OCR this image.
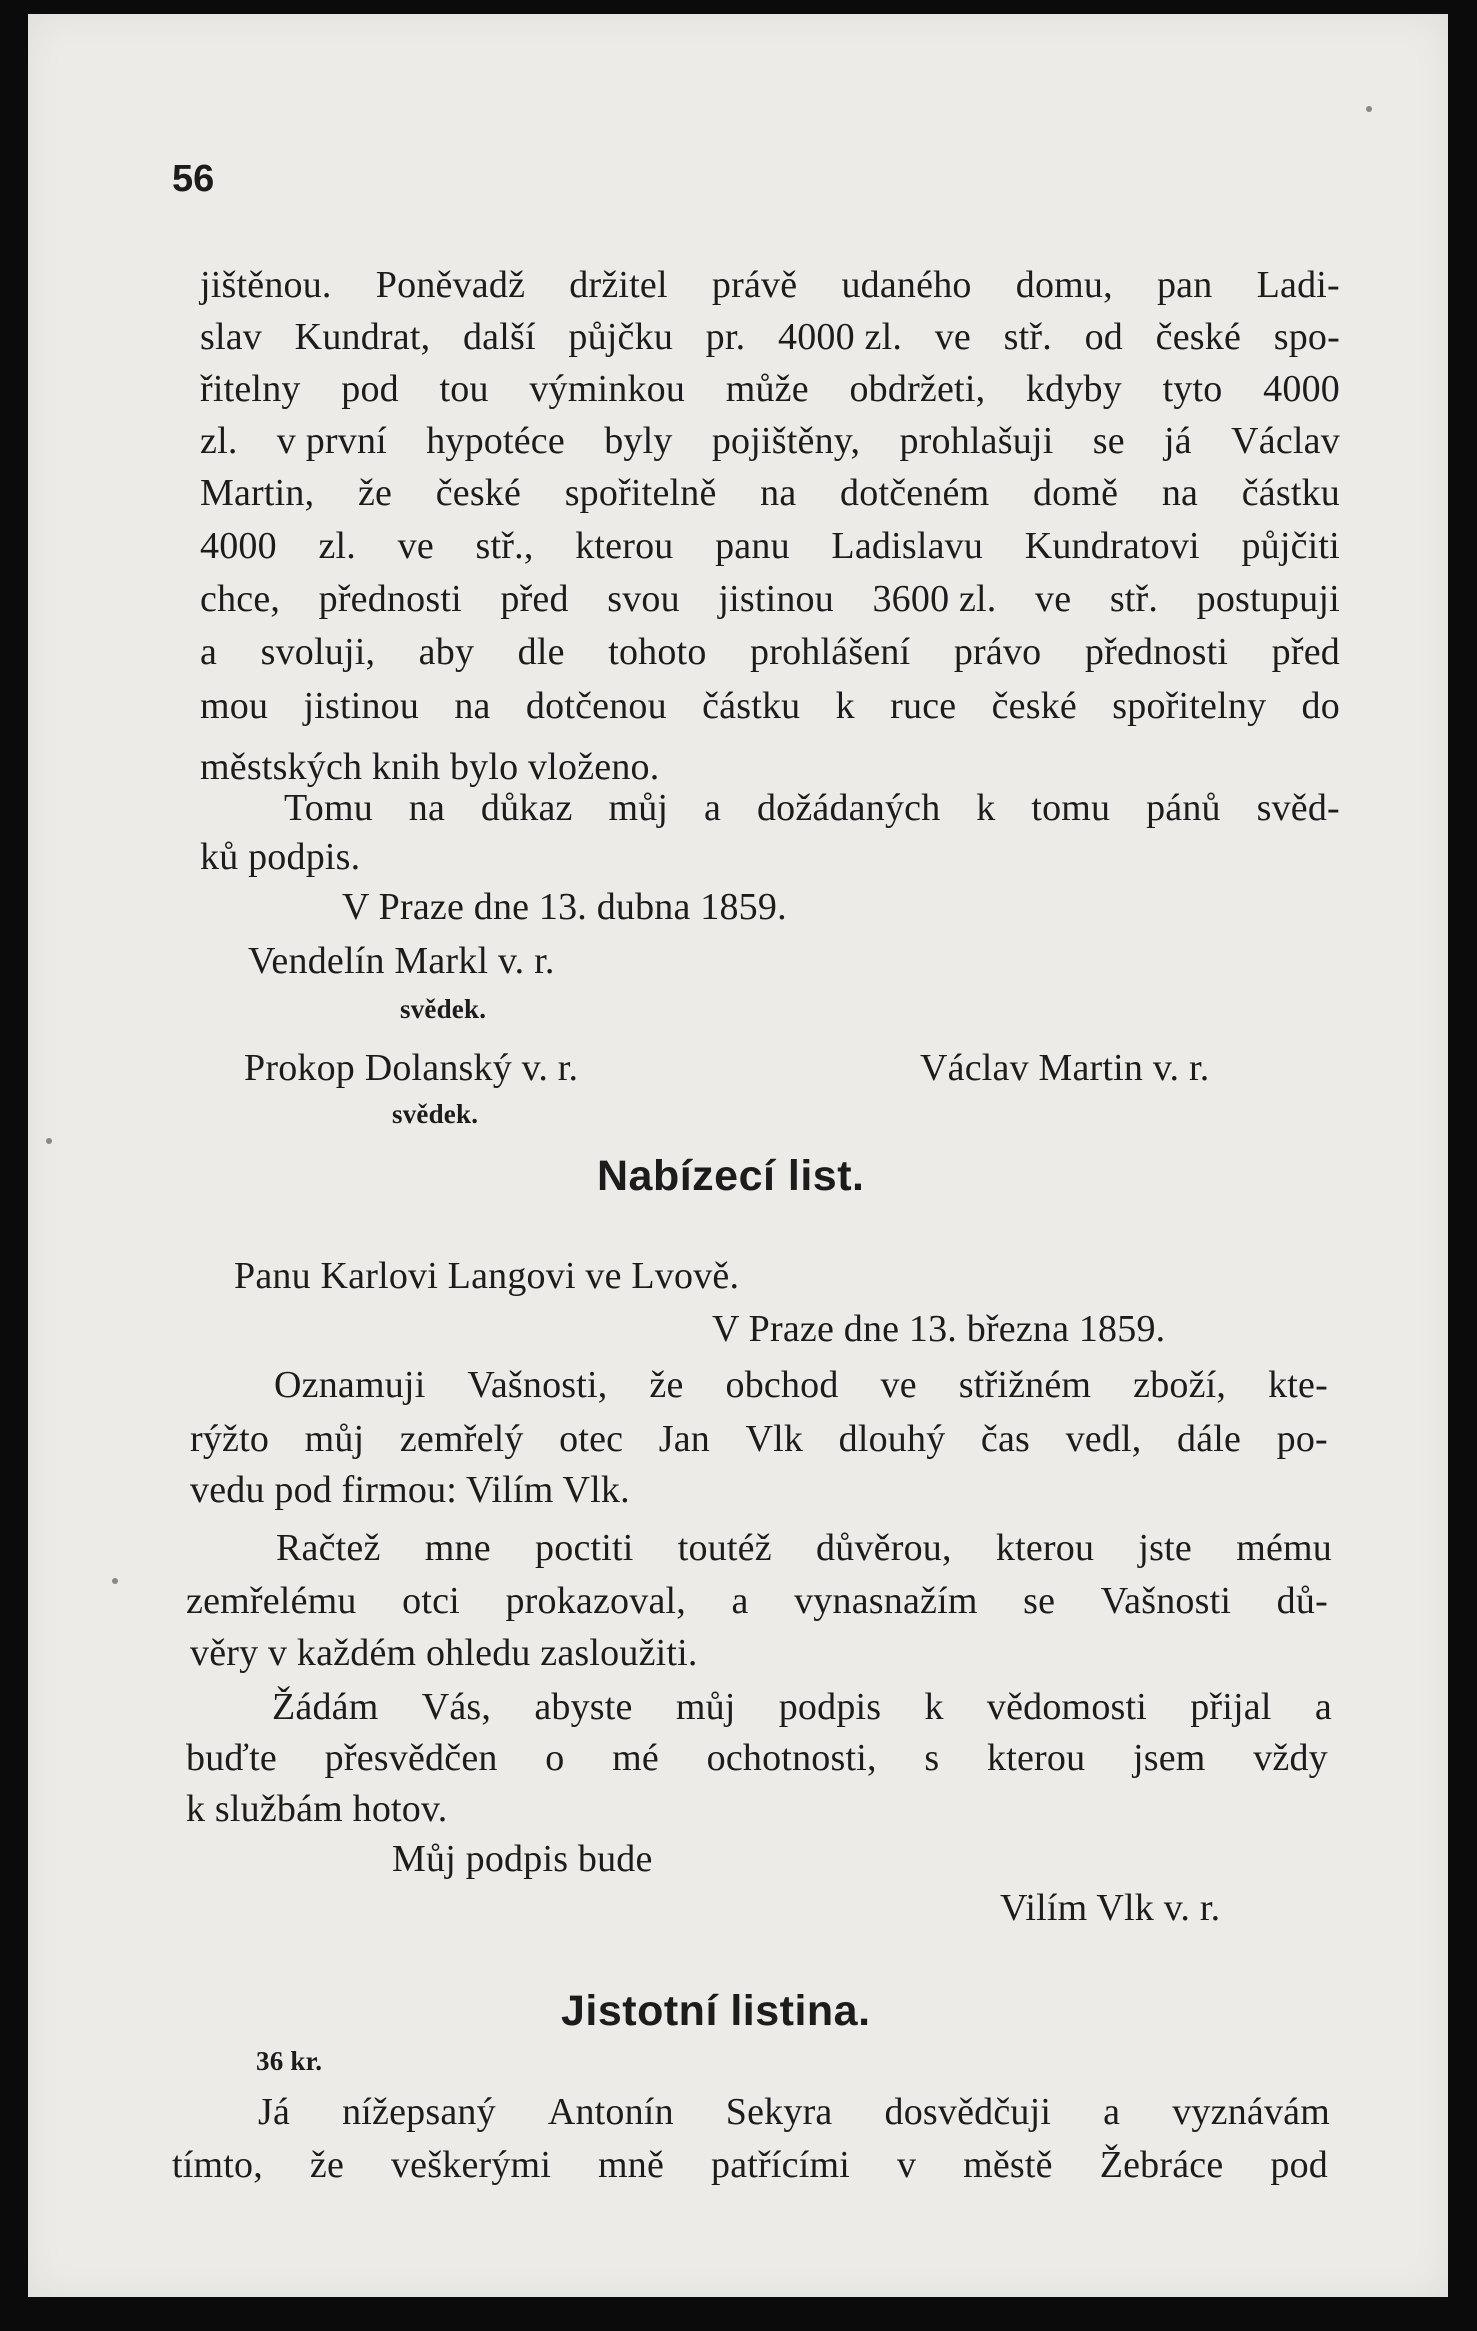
56
jištěnou. Poněvadž držitel právě udaného domu, pan Ladi-
slav Kundrat, další půjčku pr. 4000 zl. ve stř. od české spo-
řitelny pod tou výminkou může obdržeti, kdyby tyto 4000
zl. v první hypotéce byly pojištěny, prohlašuji se já Václav
Martin, že české spořitelně na dotčeném domě na částku
4000 zl. ve stř., kterou panu Ladislavu Kundratovi půjčiti
chce, přednosti před svou jistinou 3600 zl. ve stř. postupuji
a svoluji, aby dle tohoto prohlášení právo přednosti před
mou jistinou na dotčenou částku k ruce české spořitelny do
městských knih bylo vloženo.
Tomu na důkaz můj a dožádaných k tomu pánů svěd-
ků podpis.
V Praze dne 13. dubna 1859.
Vendelín Markl v. r.
svědek.
Prokop Dolanský v. r.	Václav Martin v. r.
svědek.
Nabízecí list.
Panu Karlovi Langovi ve Lvově.
V Praze dne 13. března 1859.
Oznamuji Vašnosti, že obchod ve střižném zboží, kte-
rýžto můj zemřelý otec Jan Vlk dlouhý čas vedl, dále po-
vedu pod firmou: Vilím Vlk.
Račtež mne poctiti toutéž důvěrou, kterou jste mému
zemřelému otci prokazoval, a vynasnažím se Vašnosti dů-
věry v každém ohledu zasloužiti.
Žádám Vás, abyste můj podpis k vědomosti přijal a
buďte přesvědčen o mé ochotnosti, s kterou jsem vždy
k službám hotov.
Můj podpis bude
Vilím Vlk v. r.
Jistotní listina.
36 kr.
Já nížepsaný Antonín Sekyra dosvědčuji a vyznávám
tímto, že veškerými mně patřícími v městě Žebráce pod
